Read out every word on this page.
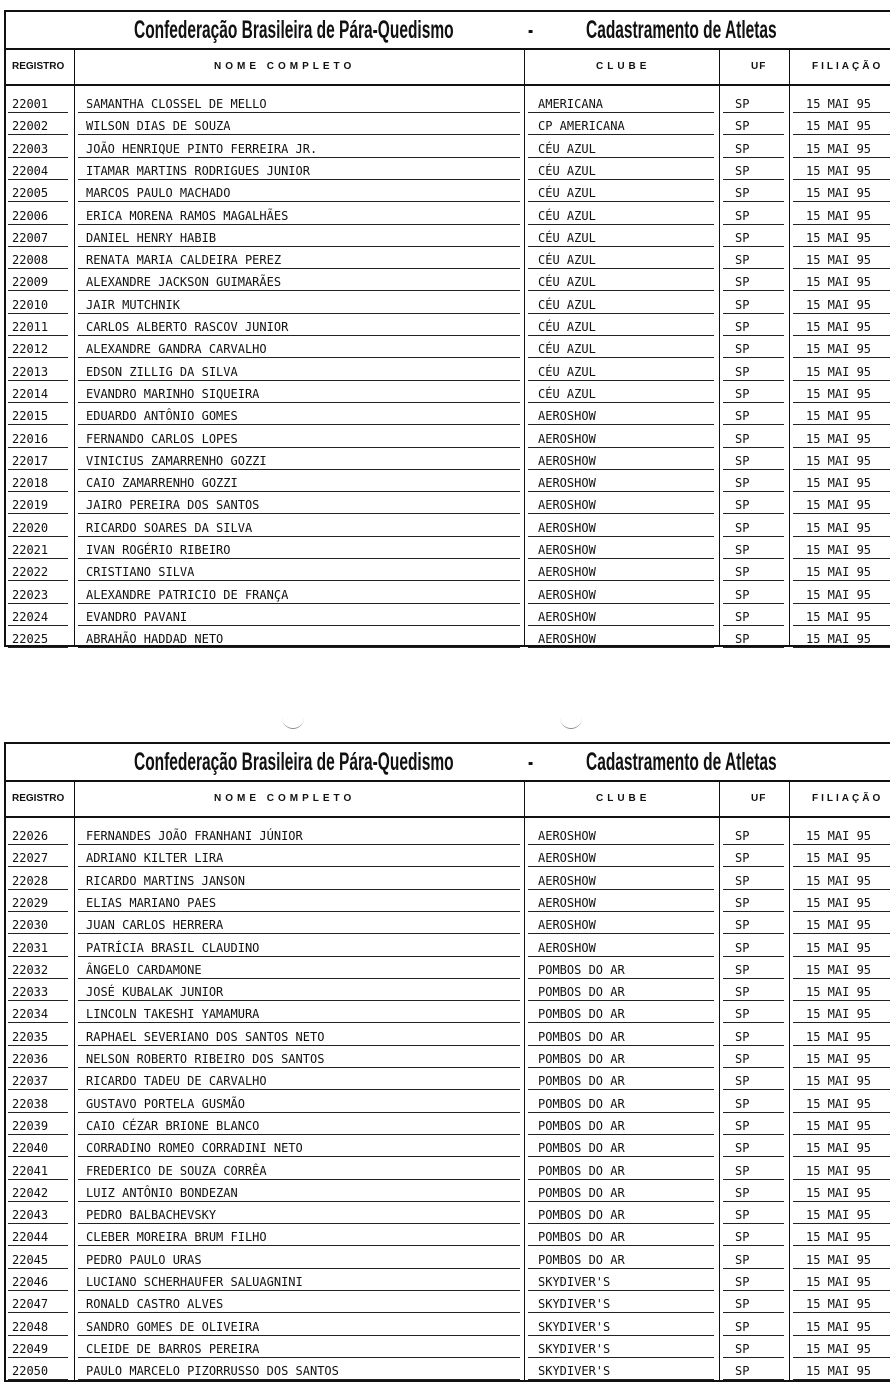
Confederação Brasileira de Pára-Quedismo	- Cadastramento de Atletas
REGISTRO	NOME COMPLETO	CLUBE	UF	FILIAÇÃO
22001	SAMANTHA CLOSSEL DE MELLO	AMERICANA	SP	15 MAI 95
22002	WILSON DIAS DE SOUZA	CP AMERICANA	SP	15 MAI 95
22003	JOÃO HENRIQUE PINTO FERREIRA JR.	CÉU AZUL	SP	15 MAI 95
22004	ITAMAR MARTINS RODRIGUES JUNIOR	CÉU AZUL	SP	15 MAI 95
22005	MARCOS PAULO MACHADO	CÉU AZUL	SP	15 MAI 95
22006	ERICA MORENA RAMOS MAGALHÃES	CÉU AZUL	SP	15 MAI 95
22007	DANIEL HENRY HABIB	CÉU AZUL	SP	15 MAI 95
22008	RENATA MARIA CALDEIRA PEREZ	CÉU AZUL	SP	15 MAI 95
22009	ALEXANDRE JACKSON GUIMARÃES	CÉU AZUL	SP	15 MAI 95
22010	JAIR MUTCHNIK	CÉU AZUL	SP	15 MAI 95
22011	CARLOS ALBERTO RASCOV JUNIOR	CÉU AZUL	SP	15 MAI 95
22012	ALEXANDRE GANDRA CARVALHO	CÉU AZUL	SP	15 MAI 95
22013	EDSON ZILLIG DA SILVA	CÉU AZUL	SP	15 MAI 95
22014	EVANDRO MARINHO SIQUEIRA	CÉU AZUL	SP	15 MAI 95
22015	EDUARDO ANTÔNIO GOMES	AEROSHOW	SP	15 MAI 95
22016	FERNANDO CARLOS LOPES	AEROSHOW	SP	15 MAI 95
22017	VINICIUS ZAMARRENHO GOZZI	AEROSHOW	SP	15 MAI 95
22018	CAIO ZAMARRENHO GOZZI	AEROSHOW	SP	15 MAI 95
22019	JAIRO PEREIRA DOS SANTOS	AEROSHOW	SP	15 MAI 95
22020	RICARDO SOARES DA SILVA	AEROSHOW	SP	15 MAI 95
22021	IVAN ROGÉRIO RIBEIRO	AEROSHOW	SP	15 MAI 95
22022	CRISTIANO SILVA	AEROSHOW	SP	15 MAI 95
22023	ALEXANDRE PATRICIO DE FRANÇA	AEROSHOW	SP	15 MAI 95
22024	EVANDRO PAVANI	AEROSHOW	SP	15 MAI 95
22025	ABRAHÃO HADDAD NETO	AEROSHOW	SP	15 MAI 95
Confederação Brasileira de Pára-Quedismo	- Cadastramento de Atletas
REGISTRO	NOME COMPLETO	CLUBE	UF	FILIAÇÃO
22026	FERNANDES JOÃO FRANHANI JÚNIOR	AEROSHOW	SP	15 MAI 95
22027	ADRIANO KILTER LIRA	AEROSHOW	SP	15 MAI 95
22028	RICARDO MARTINS JANSON	AEROSHOW	SP	15 MAI 95
22029	ELIAS MARIANO PAES	AEROSHOW	SP	15 MAI 95
22030	JUAN CARLOS HERRERA	AEROSHOW	SP	15 MAI 95
22031	PATRÍCIA BRASIL CLAUDINO	AEROSHOW	SP	15 MAI 95
22032	ÂNGELO CARDAMONE	POMBOS DO AR	SP	15 MAI 95
22033	JOSÉ KUBALAK JUNIOR	POMBOS DO AR	SP	15 MAI 95
22034	LINCOLN TAKESHI YAMAMURA	POMBOS DO AR	SP	15 MAI 95
22035	RAPHAEL SEVERIANO DOS SANTOS NETO	POMBOS DO AR	SP	15 MAI 95
22036	NELSON ROBERTO RIBEIRO DOS SANTOS	POMBOS DO AR	SP	15 MAI 95
22037	RICARDO TADEU DE CARVALHO	POMBOS DO AR	SP	15 MAI 95
22038	GUSTAVO PORTELA GUSMÃO	POMBOS DO AR	SP	15 MAI 95
22039	CAIO CÉZAR BRIONE BLANCO	POMBOS DO AR	SP	15 MAI 95
22040	CORRADINO ROMEO CORRADINI NETO	POMBOS DO AR	SP	15 MAI 95
22041	FREDERICO DE SOUZA CORRÊA	POMBOS DO AR	SP	15 MAI 95
22042	LUIZ ANTÔNIO BONDEZAN	POMBOS DO AR	SP	15 MAI 95
22043	PEDRO BALBACHEVSKY	POMBOS DO AR	SP	15 MAI 95
22044	CLEBER MOREIRA BRUM FILHO	POMBOS DO AR	SP	15 MAI 95
22045	PEDRO PAULO URAS	POMBOS DO AR	SP	15 MAI 95
22046	LUCIANO SCHERHAUFER SALUAGNINI	SKYDIVER'S	SP	15 MAI 95
22047	RONALD CASTRO ALVES	SKYDIVER'S	SP	15 MAI 95
22048	SANDRO GOMES DE OLIVEIRA	SKYDIVER'S	SP	15 MAI 95
22049	CLEIDE DE BARROS PEREIRA	SKYDIVER'S	SP	15 MAI 95
22050	PAULO MARCELO PIZORRUSSO DOS SANTOS	SKYDIVER'S	SP	15 MAI 95
